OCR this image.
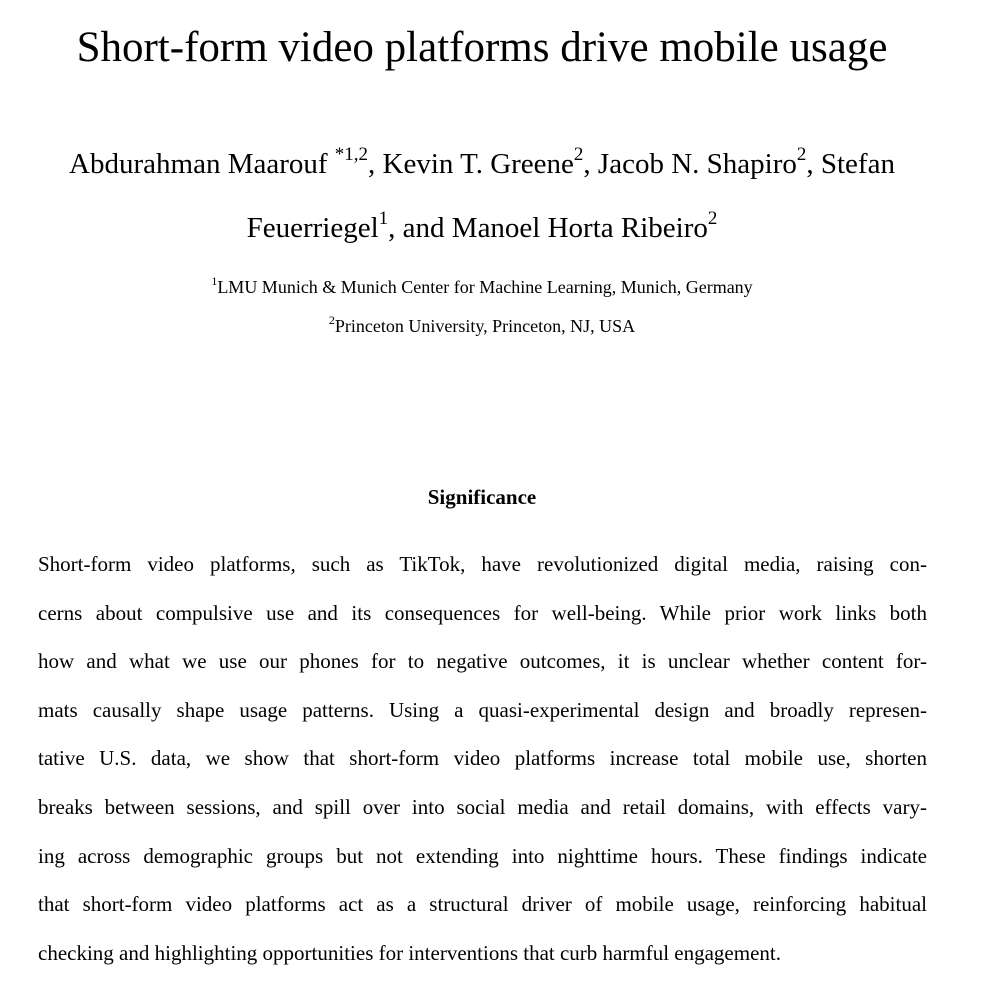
Short-form video platforms drive mobile usage
Abdurahman Maarouf $^{*1,2}$, Kevin T. Greene$^2$, Jacob N. Shapiro$^2$, Stefan
Feuerriegel$^1$, and Manoel Horta Ribeiro$^2$
$^1$LMU Munich & Munich Center for Machine Learning, Munich, Germany
$^2$Princeton University, Princeton, NJ, USA
Significance
Short-form video platforms, such as TikTok, have revolutionized digital media, raising con-
cerns about compulsive use and its consequences for well-being. While prior work links both
how and what we use our phones for to negative outcomes, it is unclear whether content for-
mats causally shape usage patterns. Using a quasi-experimental design and broadly represen-
tative U.S. data, we show that short-form video platforms increase total mobile use, shorten
breaks between sessions, and spill over into social media and retail domains, with effects vary-
ing across demographic groups but not extending into nighttime hours. These findings indicate
that short-form video platforms act as a structural driver of mobile usage, reinforcing habitual
checking and highlighting opportunities for interventions that curb harmful engagement.
